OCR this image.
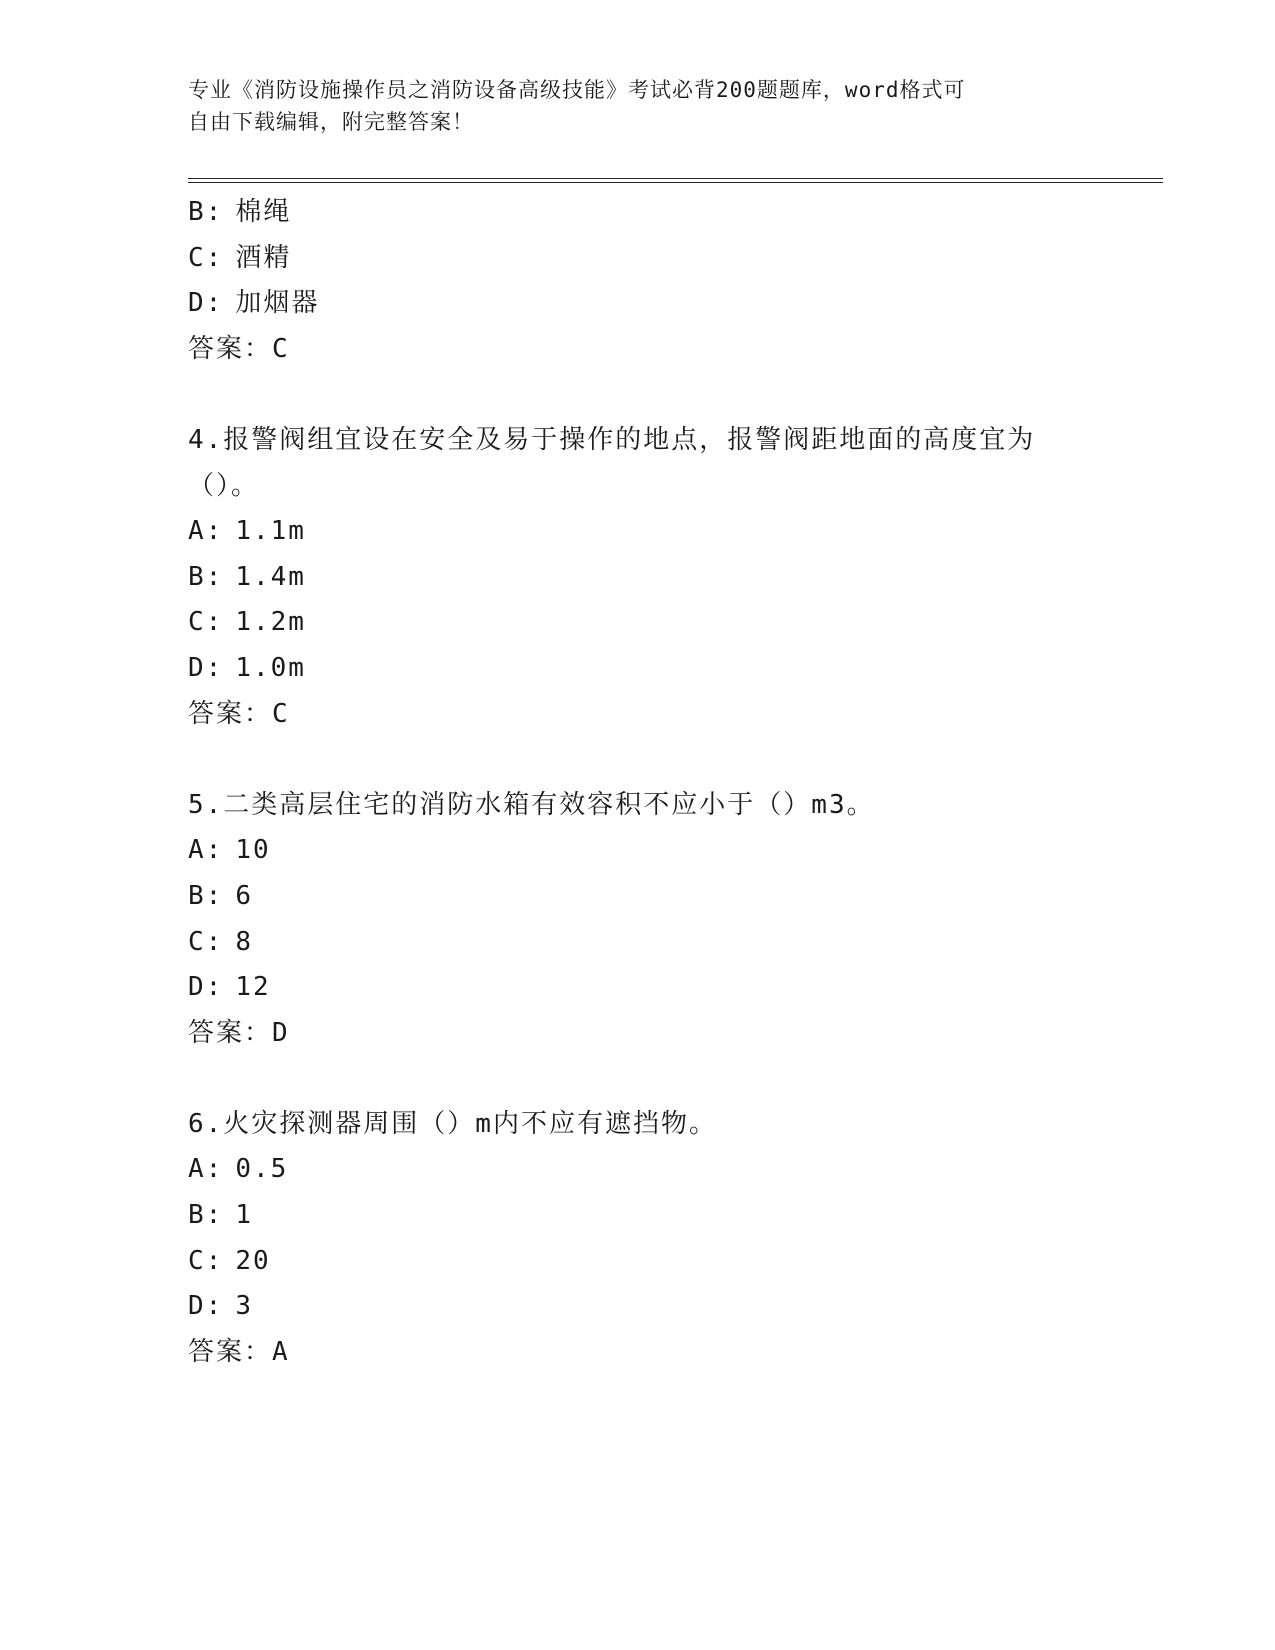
专业《消防设施操作员之消防设备高级技能》考试必背200题题库，word格式可
自由下载编辑，附完整答案！
B: 棉绳
C: 酒精
D: 加烟器
答案：C
4.报警阀组宜设在安全及易于操作的地点，报警阀距地面的高度宜为
（）。
A: 1.1m
B: 1.4m
C: 1.2m
D: 1.0m
答案：C
5.二类高层住宅的消防水箱有效容积不应小于（）m3。
A: 10
B: 6
C: 8
D: 12
答案：D
6.火灾探测器周围（）m内不应有遮挡物。
A: 0.5
B: 1
C: 20
D: 3
答案：A
